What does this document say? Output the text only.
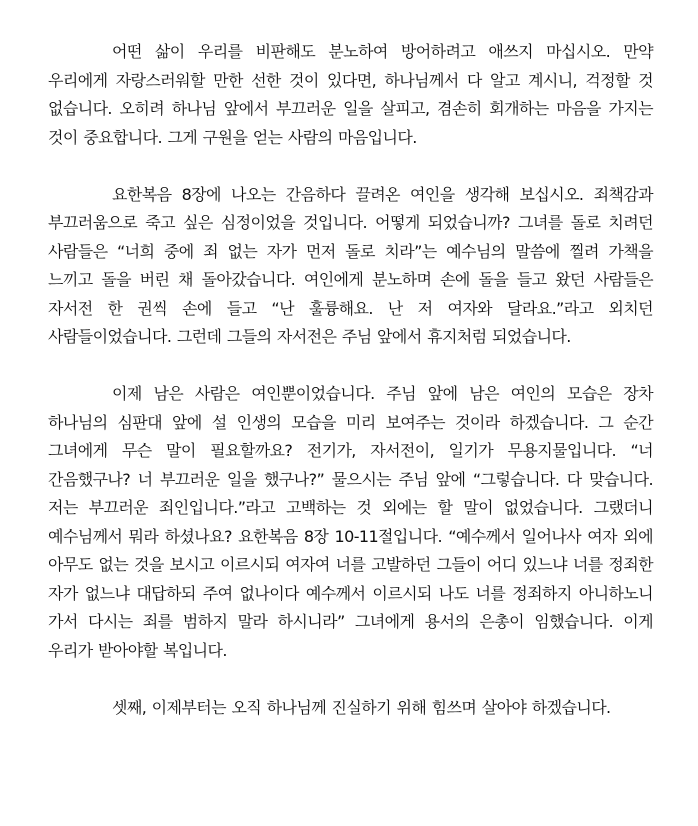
어떤 삶이 우리를 비판해도 분노하여 방어하려고 애쓰지 마십시오. 만약 우리에게 자랑스러워할 만한 선한 것이 있다면, 하나님께서 다 알고 계시니, 걱정할 것 없습니다. 오히려 하나님 앞에서 부끄러운 일을 살피고, 겸손히 회개하는 마음을 가지는 것이 중요합니다. 그게 구원을 얻는 사람의 마음입니다.

요한복음 8장에 나오는 간음하다 끌려온 여인을 생각해 보십시오. 죄책감과 부끄러움으로 죽고 싶은 심정이었을 것입니다. 어떻게 되었습니까? 그녀를 돌로 치려던 사람들은 “너희 중에 죄 없는 자가 먼저 돌로 치라”는 예수님의 말씀에 찔려 가책을 느끼고 돌을 버린 채 돌아갔습니다. 여인에게 분노하며 손에 돌을 들고 왔던 사람들은 자서전 한 권씩 손에 들고 “난 훌륭해요. 난 저 여자와 달라요.”라고 외치던 사람들이었습니다. 그런데 그들의 자서전은 주님 앞에서 휴지처럼 되었습니다.

이제 남은 사람은 여인뿐이었습니다. 주님 앞에 남은 여인의 모습은 장차 하나님의 심판대 앞에 설 인생의 모습을 미리 보여주는 것이라 하겠습니다. 그 순간 그녀에게 무슨 말이 필요할까요? 전기가, 자서전이, 일기가 무용지물입니다. “너 간음했구나? 너 부끄러운 일을 했구나?” 물으시는 주님 앞에 “그렇습니다. 다 맞습니다. 저는 부끄러운 죄인입니다.”라고 고백하는 것 외에는 할 말이 없었습니다. 그랬더니 예수님께서 뭐라 하셨나요? 요한복음 8장 10-11절입니다. “예수께서 일어나사 여자 외에 아무도 없는 것을 보시고 이르시되 여자여 너를 고발하던 그들이 어디 있느냐 너를 정죄한 자가 없느냐 대답하되 주여 없나이다 예수께서 이르시되 나도 너를 정죄하지 아니하노니 가서 다시는 죄를 범하지 말라 하시니라” 그녀에게 용서의 은총이 임했습니다. 이게 우리가 받아야할 복입니다.

셋째, 이제부터는 오직 하나님께 진실하기 위해 힘쓰며 살아야 하겠습니다.
